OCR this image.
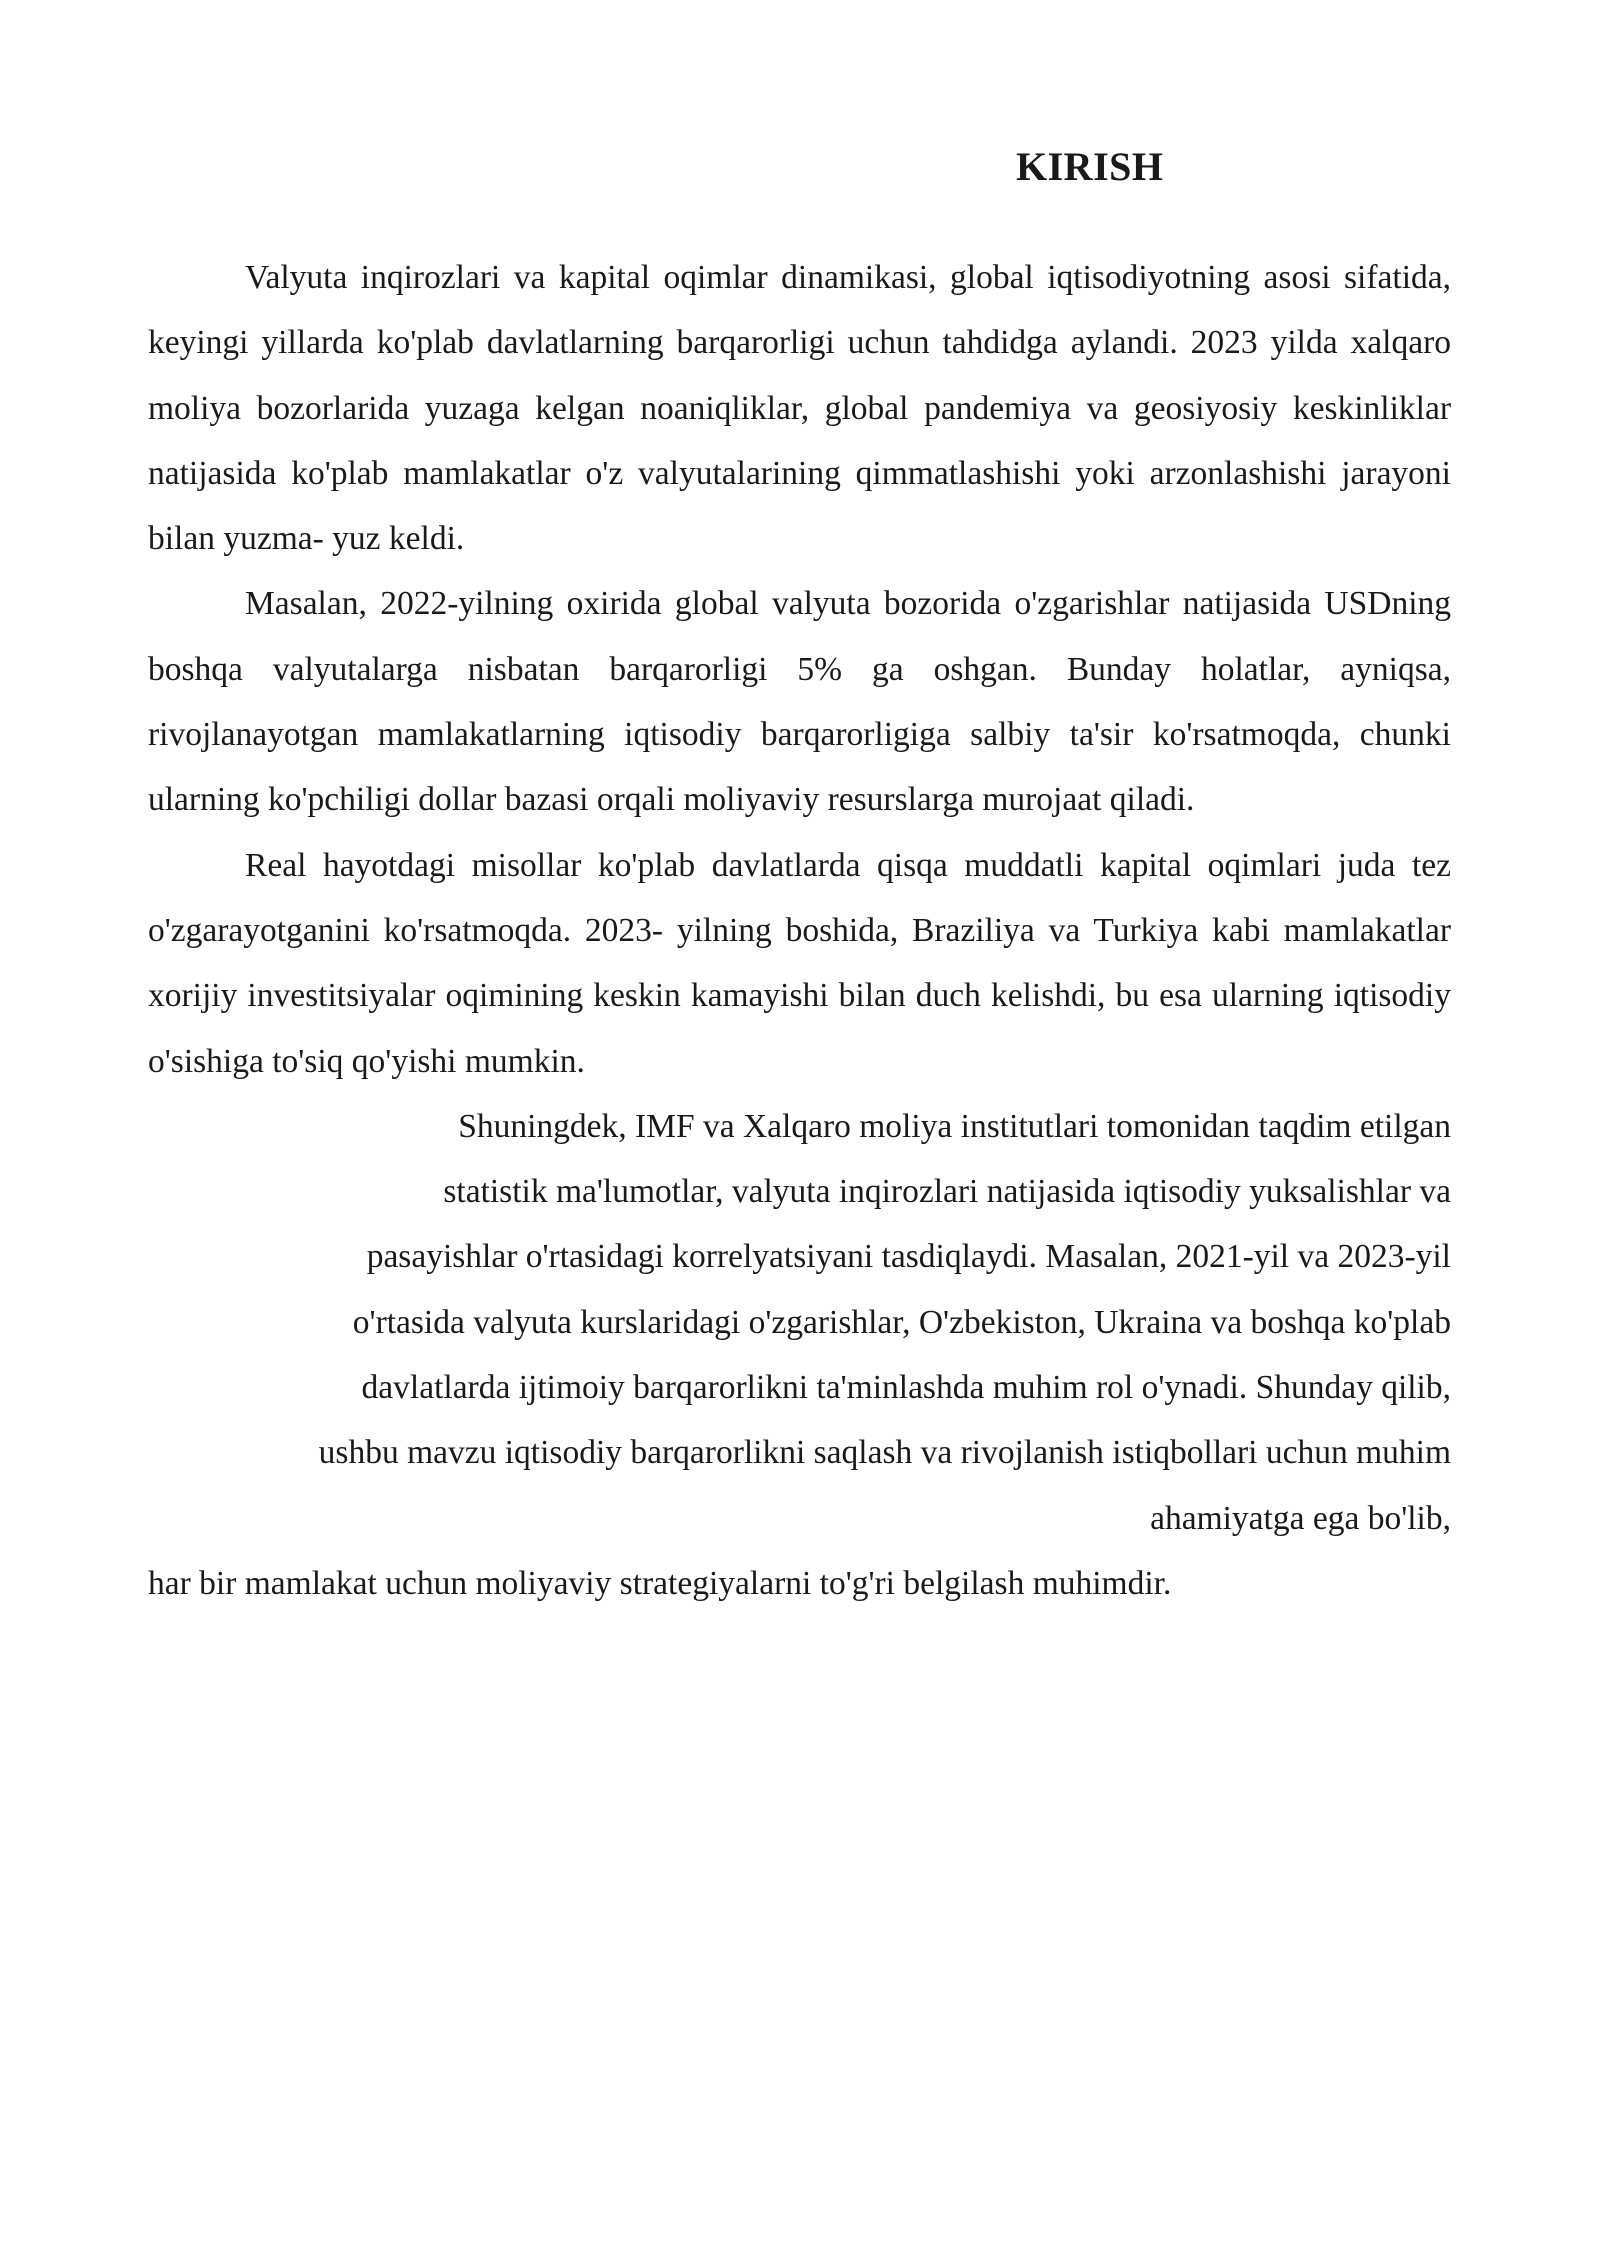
KIRISH

Valyuta inqirozlari va kapital oqimlar dinamikasi, global iqtisodiyotning asosi sifatida, keyingi yillarda ko'plab davlatlarning barqarorligi uchun tahdidga aylandi. 2023 yilda xalqaro moliya bozorlarida yuzaga kelgan noaniqliklar, global pandemiya va geosiyosiy keskinliklar natijasida ko'plab mamlakatlar o'z valyutalarining qimmatlashishi yoki arzonlashishi jarayoni bilan yuzma- yuz keldi.

Masalan, 2022-yilning oxirida global valyuta bozorida o'zgarishlar natijasida USDning boshqa valyutalarga nisbatan barqarorligi 5% ga oshgan. Bunday holatlar, ayniqsa, rivojlanayotgan mamlakatlarning iqtisodiy barqarorligiga salbiy ta'sir ko'rsatmoqda, chunki ularning ko'pchiligi dollar bazasi orqali moliyaviy resurslarga murojaat qiladi.

Real hayotdagi misollar ko'plab davlatlarda qisqa muddatli kapital oqimlari juda tez o'zgarayotganini ko'rsatmoqda. 2023- yilning boshida, Braziliya va Turkiya kabi mamlakatlar xorijiy investitsiyalar oqimining keskin kamayishi bilan duch kelishdi, bu esa ularning iqtisodiy o'sishiga to'siq qo'yishi mumkin.

Shuningdek, IMF va Xalqaro moliya institutlari tomonidan taqdim etilgan

statistik ma'lumotlar, valyuta inqirozlari natijasida iqtisodiy yuksalishlar va

pasayishlar o'rtasidagi korrelyatsiyani tasdiqlaydi. Masalan, 2021-yil va 2023-yil

o'rtasida valyuta kurslaridagi o'zgarishlar, O'zbekiston, Ukraina va boshqa ko'plab

davlatlarda ijtimoiy barqarorlikni ta'minlashda muhim rol o'ynadi. Shunday qilib,

ushbu mavzu iqtisodiy barqarorlikni saqlash va rivojlanish istiqbollari uchun muhim

ahamiyatga ega bo'lib,

har bir mamlakat uchun moliyaviy strategiyalarni to'g'ri belgilash muhimdir.
